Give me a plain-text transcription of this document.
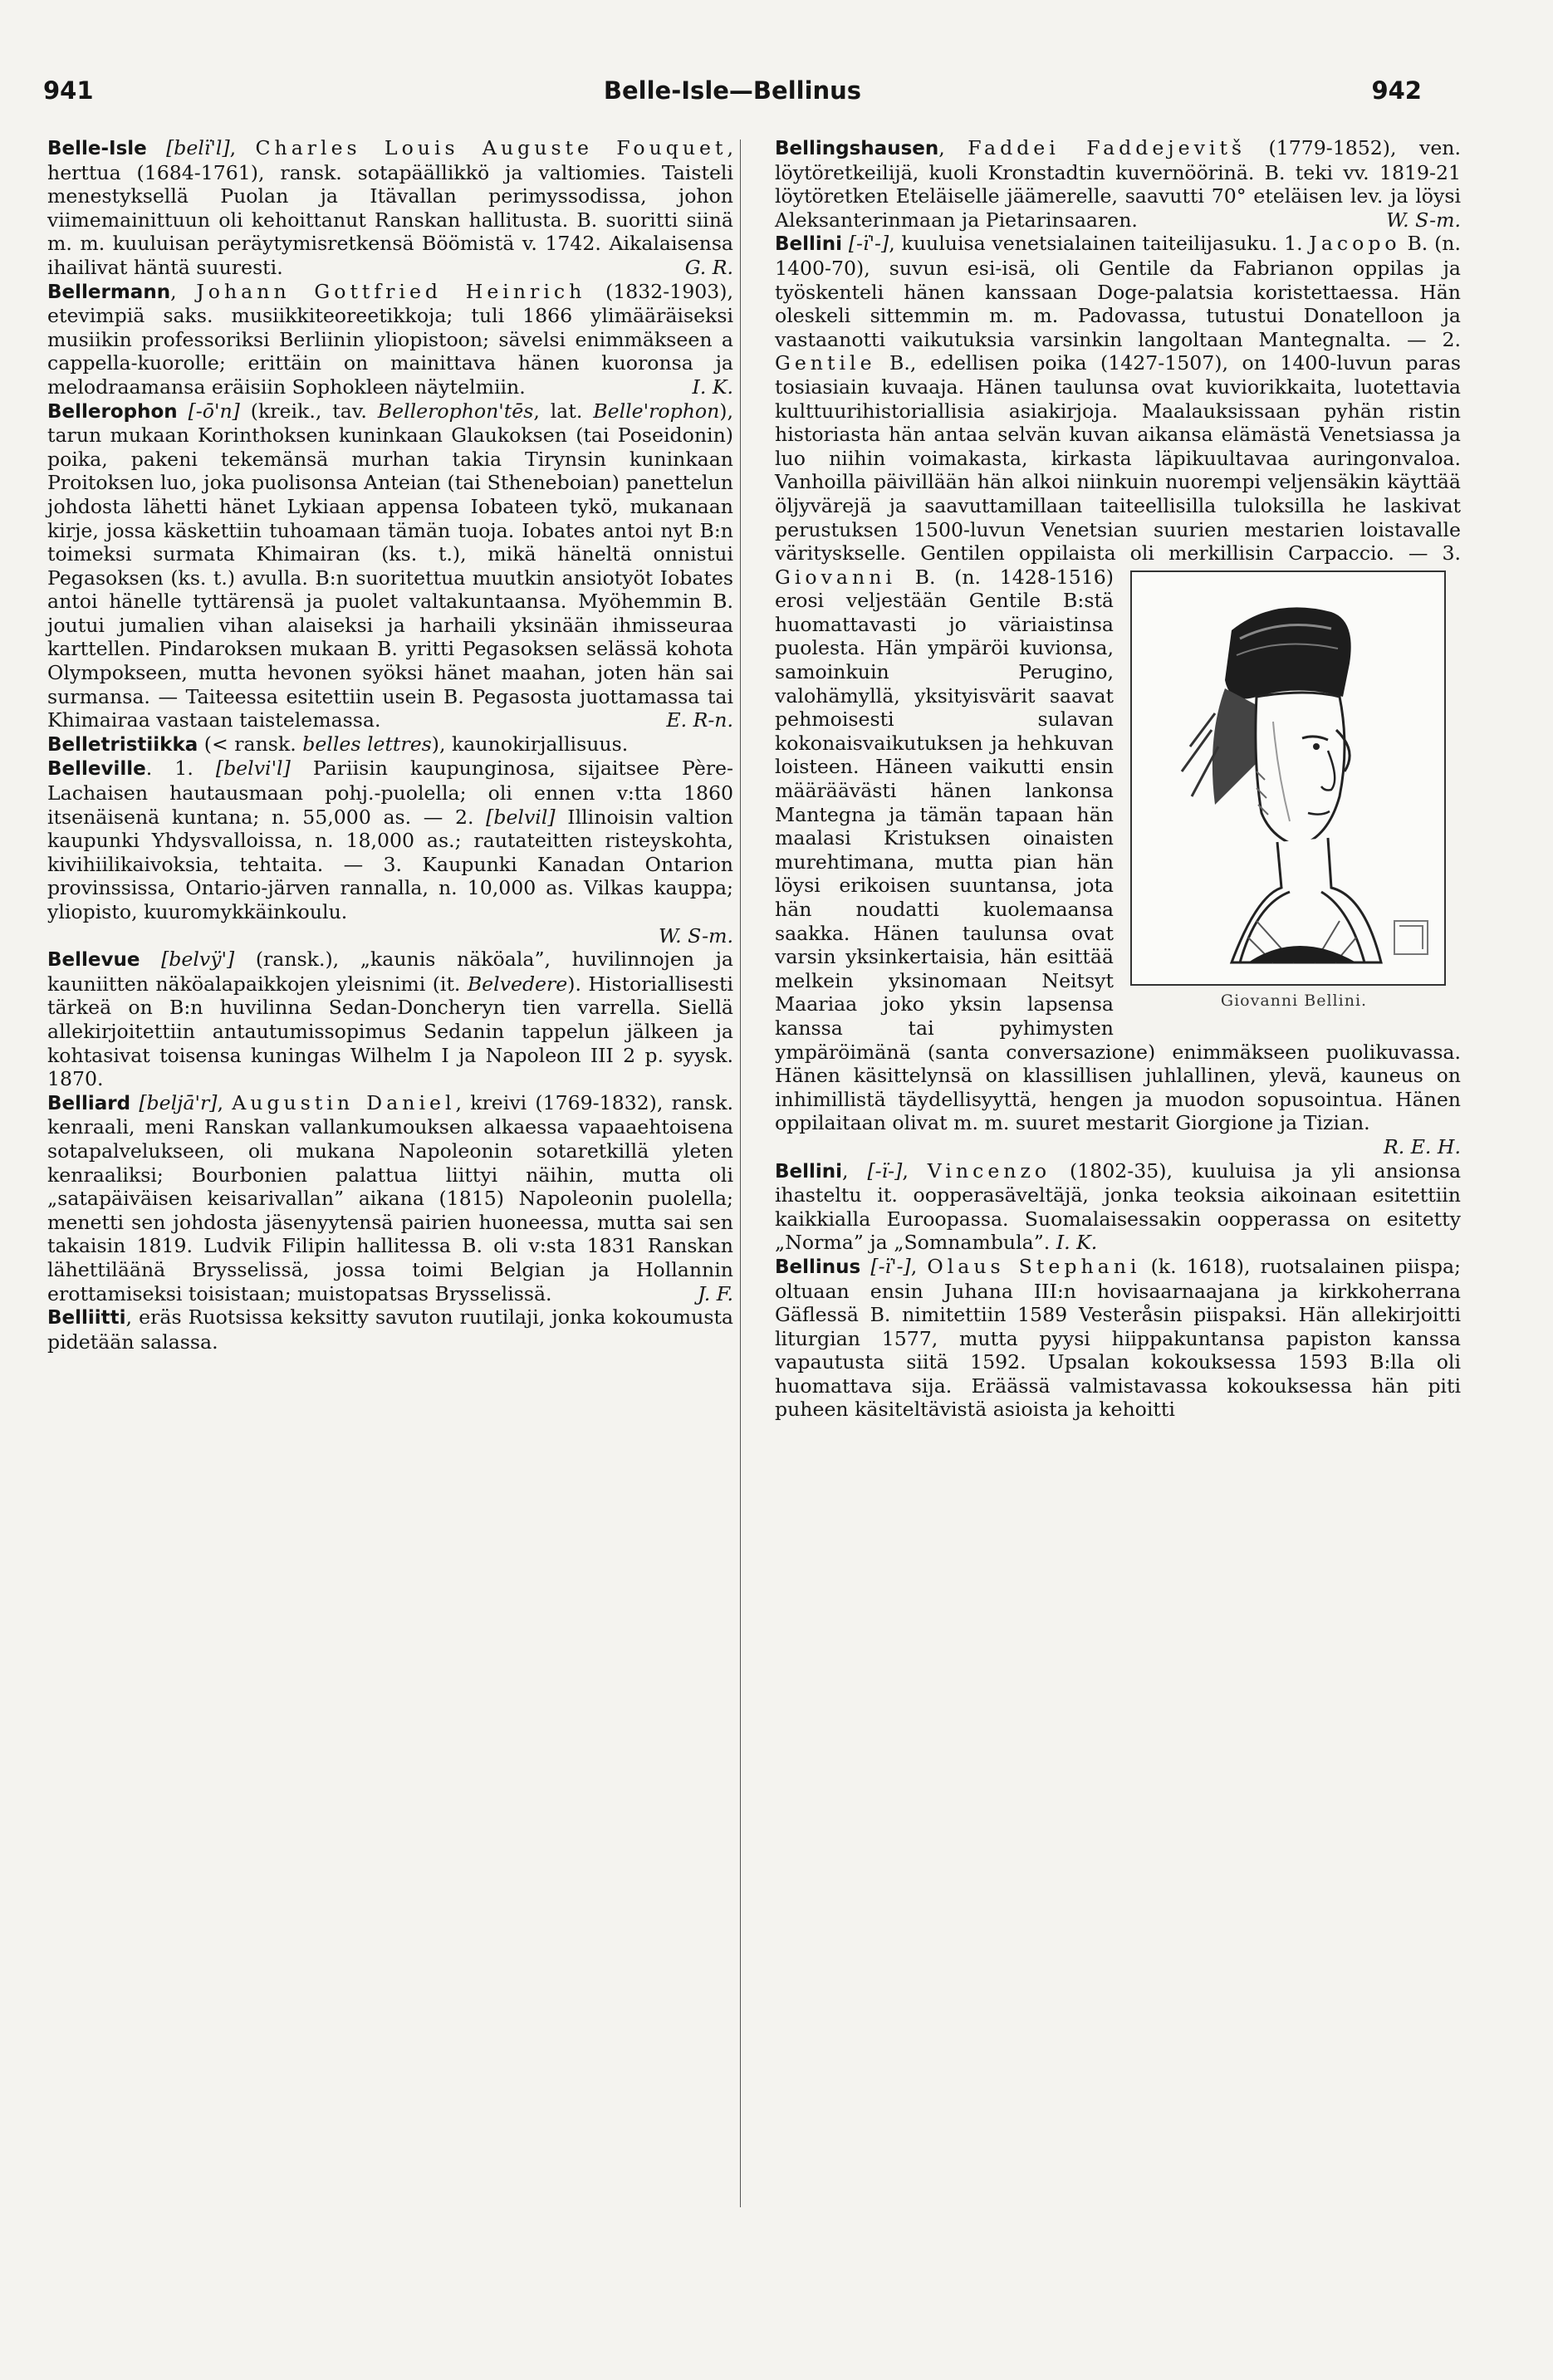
941	Belle-Isle—Bellinus	942

Belle-Isle [belï'l], Charles Louis Auguste Fouquet, herttua (1684-1761), ransk. sotapäällikkö ja valtiomies. Taisteli menestyksellä Puolan ja Itävallan perimyssodissa, johon viimemainittuun oli kehoittanut Ranskan hallitusta. B. suoritti siinä m. m. kuuluisan peräytymisretkensä Böömistä v. 1742. Aikalaisensa ihailivat häntä suuresti.	G. R.

Bellermann, Johann Gottfried Heinrich (1832-1903), etevimpiä saks. musiikkiteoreetikkoja; tuli 1866 ylimääräiseksi musiikin professoriksi Berliinin yliopistoon; sävelsi enimmäkseen a cappella-kuorolle; erittäin on mainittava hänen kuoronsa ja melodraamansa eräisiin Sophokleen näytelmiin.	I. K.

Bellerophon [-ō'n] (kreik., tav. Bellerophon'tēs, lat. Belle'rophon), tarun mukaan Korinthoksen kuninkaan Glaukoksen (tai Poseidonin) poika, pakeni tekemänsä murhan takia Tirynsin kuninkaan Proitoksen luo, joka puolisonsa Anteian (tai Stheneboian) panettelun johdosta lähetti hänet Lykiaan appensa Iobateen tykö, mukanaan kirje, jossa käskettiin tuhoamaan tämän tuoja. Iobates antoi nyt B:n toimeksi surmata Khimairan (ks. t.), mikä häneltä onnistui Pegasoksen (ks. t.) avulla. B:n suoritettua muutkin ansiotyöt Iobates antoi hänelle tyttärensä ja puolet valtakuntaansa. Myöhemmin B. joutui jumalien vihan alaiseksi ja harhaili yksinään ihmisseuraa karttellen. Pindaroksen mukaan B. yritti Pegasoksen selässä kohota Olympokseen, mutta hevonen syöksi hänet maahan, joten hän sai surmansa. — Taiteessa esitettiin usein B. Pegasosta juottamassa tai Khimairaa vastaan taistelemassa.	E. R-n.

Belletristiikka (< ransk. belles lettres), kaunokirjallisuus.

Belleville. 1. [belvi'l] Pariisin kaupunginosa, sijaitsee Père-Lachaisen hautausmaan pohj.-puolella; oli ennen v:tta 1860 itsenäisenä kuntana; n. 55,000 as. — 2. [belvil] Illinoisin valtion kaupunki Yhdysvalloissa, n. 18,000 as.; rautateitten risteyskohta, kivihiilikaivoksia, tehtaita. — 3. Kaupunki Kanadan Ontarion provinssissa, Ontario-järven rannalla, n. 10,000 as. Vilkas kauppa; yliopisto, kuuromykkäinkoulu.

W. S-m.

Bellevue [belvÿ'] (ransk.), „kaunis näköala”, huvilinnojen ja kauniitten näköalapaikkojen yleisnimi (it. Belvedere). Historiallisesti tärkeä on B:n huvilinna Sedan-Doncheryn tien varrella. Siellä allekirjoitettiin antautumissopimus Sedanin tappelun jälkeen ja kohtasivat toisensa kuningas Wilhelm I ja Napoleon III 2 p. syysk. 1870.

Belliard [beljā'r], Augustin Daniel, kreivi (1769-1832), ransk. kenraali, meni Ranskan vallankumouksen alkaessa vapaaehtoisena sotapalvelukseen, oli mukana Napoleonin sotaretkillä yleten kenraaliksi; Bourbonien palattua liittyi näihin, mutta oli „satapäiväisen keisarivallan” aikana (1815) Napoleonin puolella; menetti sen johdosta jäsenyytensä pairien huoneessa, mutta sai sen takaisin 1819. Ludvik Filipin hallitessa B. oli v:sta 1831 Ranskan lähettiläänä Brysselissä, jossa toimi Belgian ja Hollannin erottamiseksi toisistaan; muistopatsas Brysselissä.	J. F.

Belliitti, eräs Ruotsissa keksitty savuton ruutilaji, jonka kokoumusta pidetään salassa.

Bellingshausen, Faddei Faddejevitš (1779-1852), ven. löytöretkeilijä, kuoli Kronstadtin kuvernöörinä. B. teki vv. 1819-21 löytöretken Eteläiselle jäämerelle, saavutti 70° eteläisen lev. ja löysi Aleksanterinmaan ja Pietarinsaaren.	W. S-m.

Bellini [-ï'-], kuuluisa venetsialainen taiteilijasuku. 1. Jacopo B. (n. 1400-70), suvun esi-isä, oli Gentile da Fabrianon oppilas ja työskenteli hänen kanssaan Doge-palatsia koristettaessa. Hän oleskeli sittemmin m. m. Padovassa, tutustui Donatelloon ja vastaanotti vaikutuksia varsinkin langoltaan Mantegnalta. — 2. Gentile B., edellisen poika (1427-1507), on 1400-luvun paras tosiasiain kuvaaja. Hänen taulunsa ovat kuviorikkaita, luotettavia kulttuurihistoriallisia asiakirjoja. Maalauksissaan pyhän ristin historiasta hän antaa selvän kuvan aikansa elämästä Venetsiassa ja luo niihin voimakasta, kirkasta läpikuultavaa auringonvaloa. Vanhoilla päivillään hän alkoi niinkuin nuorempi veljensäkin käyttää öljyvärejä ja saavuttamillaan taiteellisilla tuloksilla he laskivat perustuksen 1500-luvun Venetsian suurien mestarien loistavalle värityskselle. Gentilen oppilaista oli merkillisin Carpaccio. — 3. Giovanni
Giovanni Bellini.
B. (n. 1428-1516) erosi veljestään Gentile B:stä huomattavasti jo väriaistinsa puolesta. Hän ympäröi kuvionsa, samoinkuin Perugino, valohämyllä, yksityisvärit saavat pehmoisesti sulavan kokonaisvaikutuksen ja hehkuvan loisteen. Häneen vaikutti ensin määräävästi hänen lankonsa Mantegna ja tämän tapaan hän maalasi Kristuksen oinaisten murehtimana, mutta pian hän löysi erikoisen suuntansa, jota hän noudatti kuolemaansa saakka. Hänen taulunsa ovat varsin yksinkertaisia, hän esittää melkein yksinomaan Neitsyt Maariaa joko yksin lapsensa kanssa tai pyhimysten ympäröimänä (santa conversazione) enimmäkseen puolikuvassa. Hänen käsittelynsä on klassillisen juhlallinen, ylevä, kauneus on inhimillistä täydellisyyttä, hengen ja muodon sopusointua. Hänen oppilaitaan olivat m. m. suuret mestarit Giorgione ja Tizian.

R. E. H.

Bellini, [-ï-], Vincenzo (1802-35), kuuluisa ja yli ansionsa ihasteltu it. oopperasäveltäjä, jonka teoksia aikoinaan esitettiin kaikkialla Euroopassa. Suomalaisessakin oopperassa on esitetty „Norma” ja „Somnambula”. I. K.

Bellinus [-ï'-], Olaus Stephani (k. 1618), ruotsalainen piispa; oltuaan ensin Juhana III:n hovisaarnaajana ja kirkkoherrana Gäflessä B. nimitettiin 1589 Vesteråsin piispaksi. Hän allekirjoitti liturgian 1577, mutta pyysi hiippakuntansa papiston kanssa vapautusta siitä 1592. Upsalan kokouksessa 1593 B:lla oli huomattava sija. Eräässä valmistavassa kokouksessa hän piti puheen käsiteltävistä asioista ja kehoitti
